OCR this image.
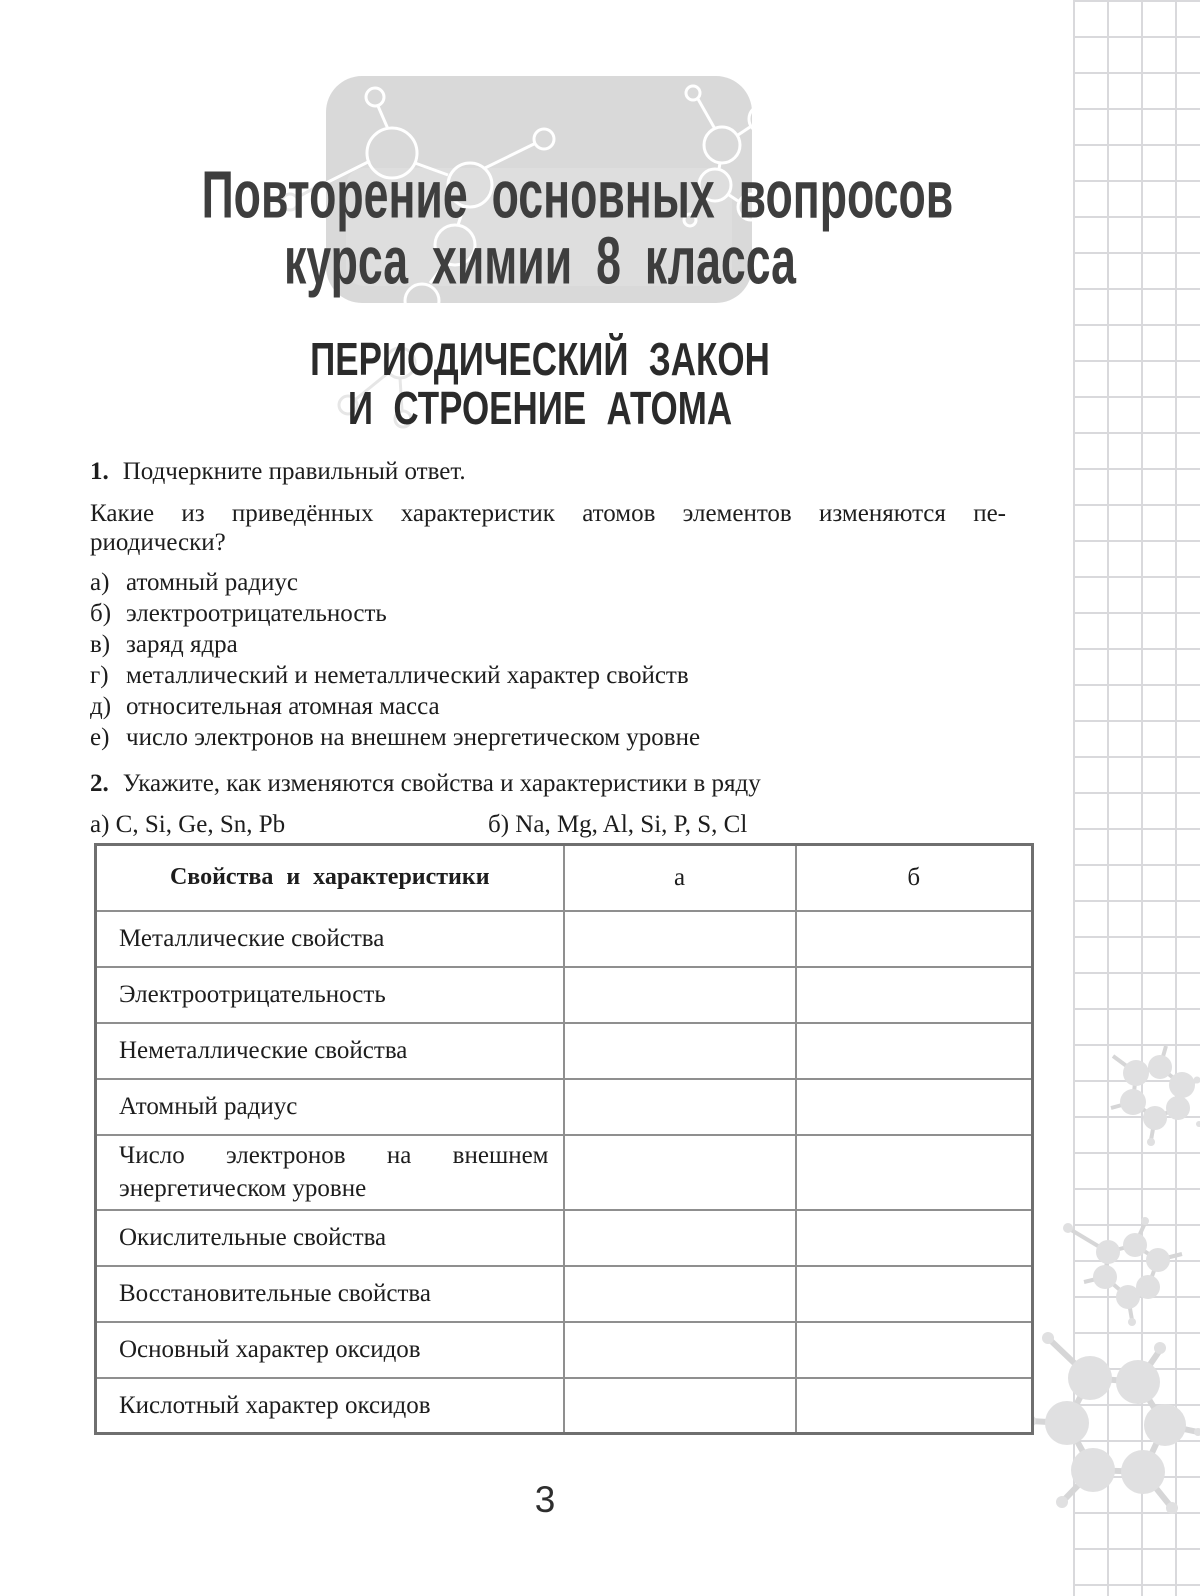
Повторение основных вопросов
курса химии 8 класса
ПЕРИОДИЧЕСКИЙ ЗАКОН
И СТРОЕНИЕ АТОМА
1. Подчеркните правильный ответ.
Какие из приведённых характеристик атомов элементов изменяются пе-
риодически?
а) атомный радиус
б) электроотрицательность
в) заряд ядра
г) металлический и неметаллический характер свойств
д) относительная атомная масса
е) число электронов на внешнем энергетическом уровне
2. Укажите, как изменяются свойства и характеристики в ряду
а) C, Si, Ge, Sn, Pb	б) Na, Mg, Al, Si, P, S, Cl
Свойства и характеристики	а	б
Металлические свойства		
Электроотрицательность		
Неметаллические свойства		
Атомный радиус		
Число электронов на внешнем энергетическом уровне		
Окислительные свойства		
Восстановительные свойства		
Основный характер оксидов		
Кислотный характер оксидов		
3
